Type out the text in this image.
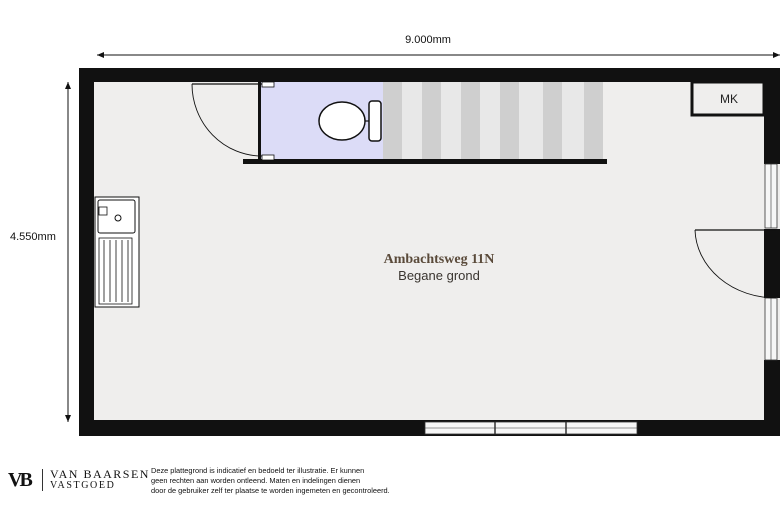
9.000mm
4.550mm
MK
Ambachtsweg 11N
Begane grond
VB	VAN BAARSEN
VASTGOED
Deze plattegrond is indicatief en bedoeld ter illustratie. Er kunnen
geen rechten aan worden ontleend. Maten en indelingen dienen
door de gebruiker zelf ter plaatse te worden ingemeten en gecontroleerd.
